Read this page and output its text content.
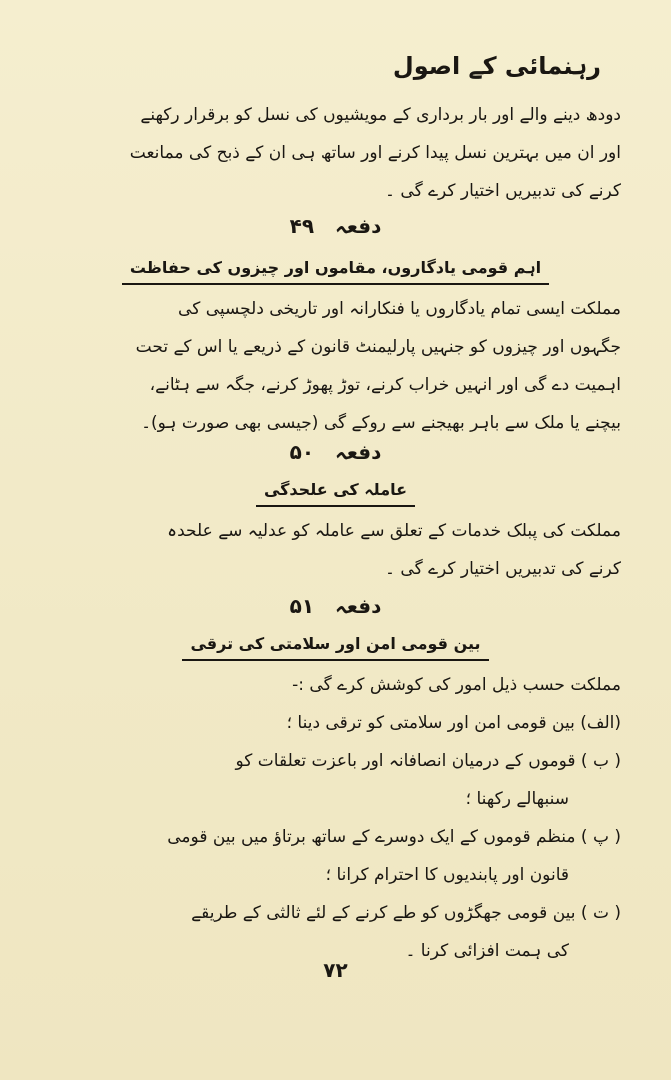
رہنمائی کے اصول
دودھ دینے والے اور بار برداری کے مویشیوں کی نسل کو برقرار رکھنے
اور ان میں بہترین نسل پیدا کرنے اور ساتھ ہی ان کے ذبح کی ممانعت
کرنے کی تدبیریں اختیار کرے گی ۔
دفعہ ۴۹
اہم قومی یادگاروں، مقاموں اور چیزوں کی حفاظت
مملکت ایسی تمام یادگاروں یا فنکارانہ اور تاریخی دلچسپی کی
جگہوں اور چیزوں کو جنہیں پارلیمنٹ قانون کے ذریعے یا اس کے تحت
اہمیت دے گی اور انہیں خراب کرنے، توڑ پھوڑ کرنے، جگہ سے ہٹانے،
بیچنے یا ملک سے باہر بھیجنے سے روکے گی (جیسی بھی صورت ہو)۔
دفعہ ۵۰
عاملہ کی علحدگی
مملکت کی پبلک خدمات کے تعلق سے عاملہ کو عدلیہ سے علحدہ
کرنے کی تدبیریں اختیار کرے گی ۔
دفعہ ۵۱
بین قومی امن اور سلامتی کی ترقی
مملکت حسب ذیل امور کی کوشش کرے گی :-
(الف) بین قومی امن اور سلامتی کو ترقی دینا ؛
( ب ) قوموں کے درمیان انصافانہ اور باعزت تعلقات کو
سنبھالے رکھنا ؛
( پ ) منظم قوموں کے ایک دوسرے کے ساتھ برتاؤ میں بین قومی
قانون اور پابندیوں کا احترام کرانا ؛
( ت ) بین قومی جھگڑوں کو طے کرنے کے لئے ثالثی کے طریقے
کی ہمت افزائی کرنا ۔
۷۲
